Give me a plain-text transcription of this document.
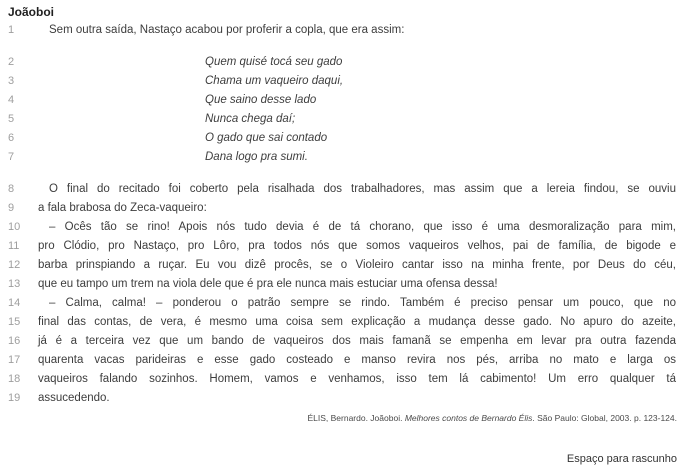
Joãoboi
1	Sem outra saída, Nastaço acabou por proferir a copla, que era assim:
2	Quem quisé tocá seu gado
3	Chama um vaqueiro daqui,
4	Que saino desse lado
5	Nunca chega daí;
6	O gado que sai contado
7	Dana logo pra sumi.
8	O final do recitado foi coberto pela risalhada dos trabalhadores, mas assim que a lereia findou, se ouviu
9	a fala brabosa do Zeca-vaqueiro:
10	– Ocês tão se rino! Apois nós tudo devia é de tá chorano, que isso é uma desmoralização para mim,
11	pro Clódio, pro Nastaço, pro Lôro, pra todos nós que somos vaqueiros velhos, pai de família, de bigode e
12	barba prinspiando a ruçar. Eu vou dizê procês, se o Violeiro cantar isso na minha frente, por Deus do céu,
13	que eu tampo um trem na viola dele que é pra ele nunca mais estuciar uma ofensa dessa!
14	– Calma, calma! – ponderou o patrão sempre se rindo. Também é preciso pensar um pouco, que no
15	final das contas, de vera, é mesmo uma coisa sem explicação a mudança desse gado. No apuro do azeite,
16	já é a terceira vez que um bando de vaqueiros dos mais famanã se empenha em levar pra outra fazenda
17	quarenta vacas parideiras e esse gado costeado e manso revira nos pés, arriba no mato e larga os
18	vaqueiros falando sozinhos. Homem, vamos e venhamos, isso tem lá cabimento! Um erro qualquer tá
19	assucedendo.
ÉLIS, Bernardo. Joãoboi. Melhores contos de Bernardo Élis. São Paulo: Global, 2003. p. 123-124.
Espaço para rascunho
